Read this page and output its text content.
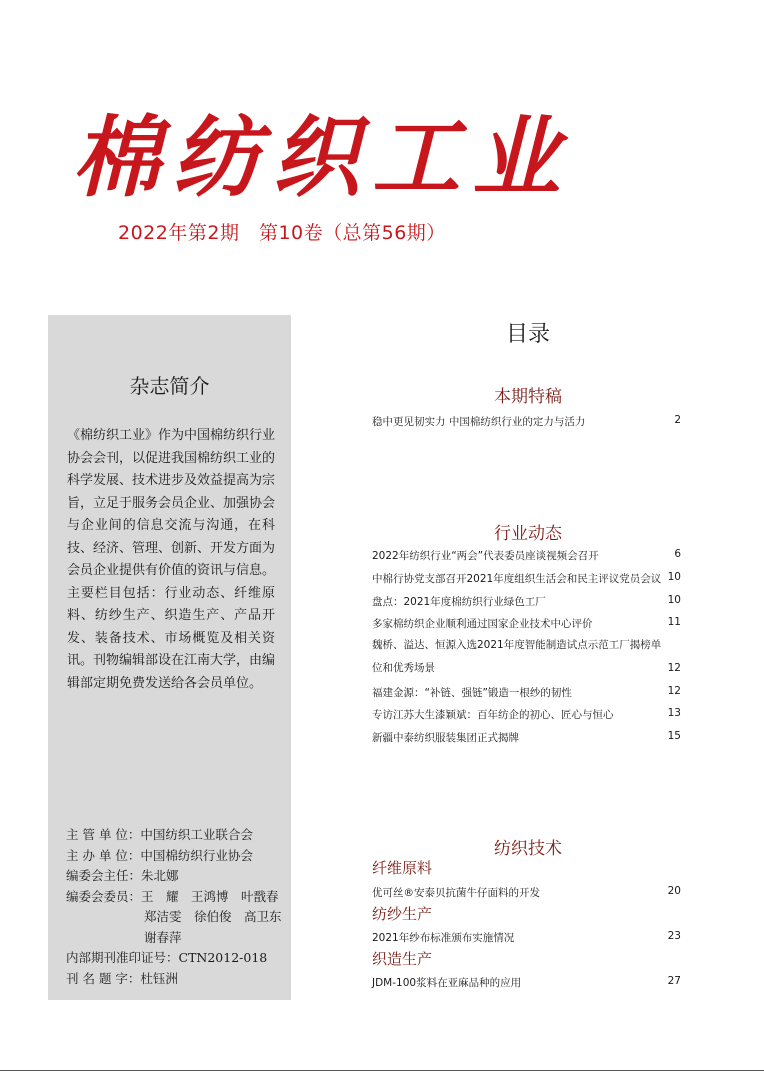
棉纺织工业
2022年第2期　第10卷（总第56期）
杂志简介
《棉纺织工业》作为中国棉纺织行业协会会刊，以促进我国棉纺织工业的科学发展、技术进步及效益提高为宗旨，立足于服务会员企业、加强协会与企业间的信息交流与沟通，在科技、经济、管理、创新、开发方面为会员企业提供有价值的资讯与信息。主要栏目包括：行业动态、纤维原料、纺纱生产、织造生产、产品开发、装备技术、市场概览及相关资讯。刊物编辑部设在江南大学，由编辑部定期免费发送给各会员单位。
主 管 单 位： 中国纺织工业联合会
主 办 单 位： 中国棉纺织行业协会
编委会主任： 朱北娜
编委会委员： 王　耀　王鸿博　叶戬春
郑洁雯　徐伯俊　高卫东
谢春萍
内部期刊准印证号：CTN2012-018
刊 名 题 字：杜钰洲
目录
本期特稿
稳中更见韧实力 中国棉纺织行业的定力与活力	2
行业动态
2022年纺织行业“两会”代表委员座谈视频会召开	6
中棉行协党支部召开2021年度组织生活会和民主评议党员会议 10
盘点：2021年度棉纺织行业绿色工厂	10
多家棉纺织企业顺利通过国家企业技术中心评价	11
魏桥、溢达、恒源入选2021年度智能制造试点示范工厂揭榜单位和优秀场景	12
福建金源：“补链、强链”锻造一根纱的韧性	12
专访江苏大生漆颖斌：百年纺企的初心、匠心与恒心	13
新疆中泰纺织服装集团正式揭牌	15
纺织技术
纤维原料
优可丝®安泰贝抗菌牛仔面料的开发	20
纺纱生产
2021年纱布标准颁布实施情况	23
织造生产
JDM-100浆料在亚麻品种的应用	27
